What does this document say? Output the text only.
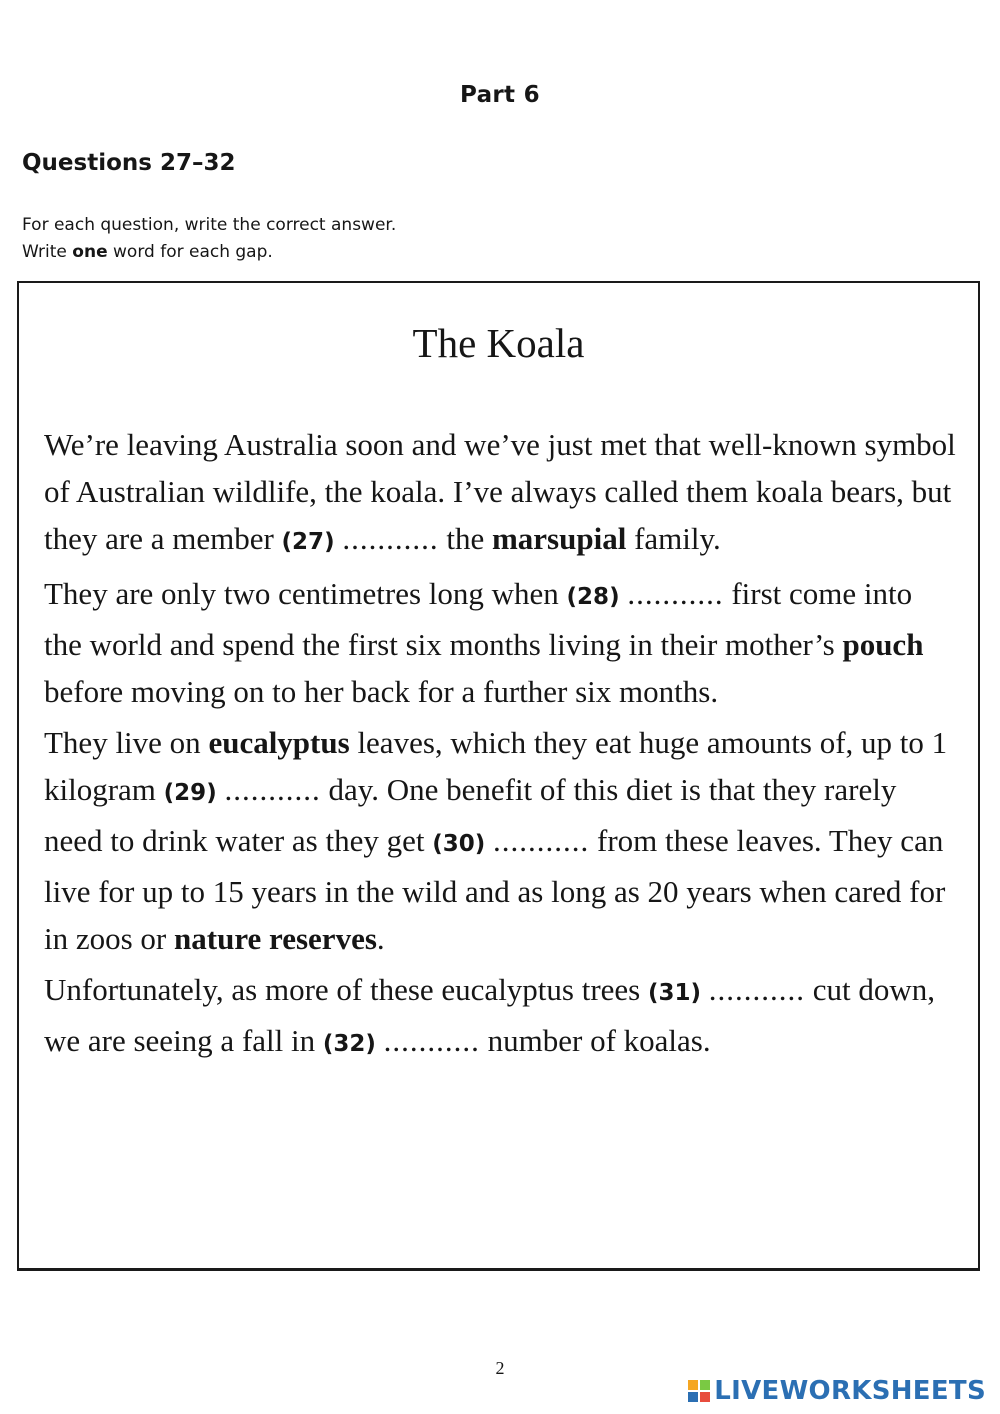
Part 6
Questions 27–32
For each question, write the correct answer.
Write one word for each gap.
The Koala

We’re leaving Australia soon and we’ve just met that well-known symbol of Australian wildlife, the koala. I’ve always called them koala bears, but they are a member (27) ........... the marsupial family.

They are only two centimetres long when (28) ........... first come into the world and spend the first six months living in their mother’s pouch before moving on to her back for a further six months.

They live on eucalyptus leaves, which they eat huge amounts of, up to 1 kilogram (29) ........... day. One benefit of this diet is that they rarely need to drink water as they get (30) ........... from these leaves. They can live for up to 15 years in the wild and as long as 20 years when cared for in zoos or nature reserves.

Unfortunately, as more of these eucalyptus trees (31) ........... cut down, we are seeing a fall in (32) ........... number of koalas.

2
LIVEWORKSHEETS
